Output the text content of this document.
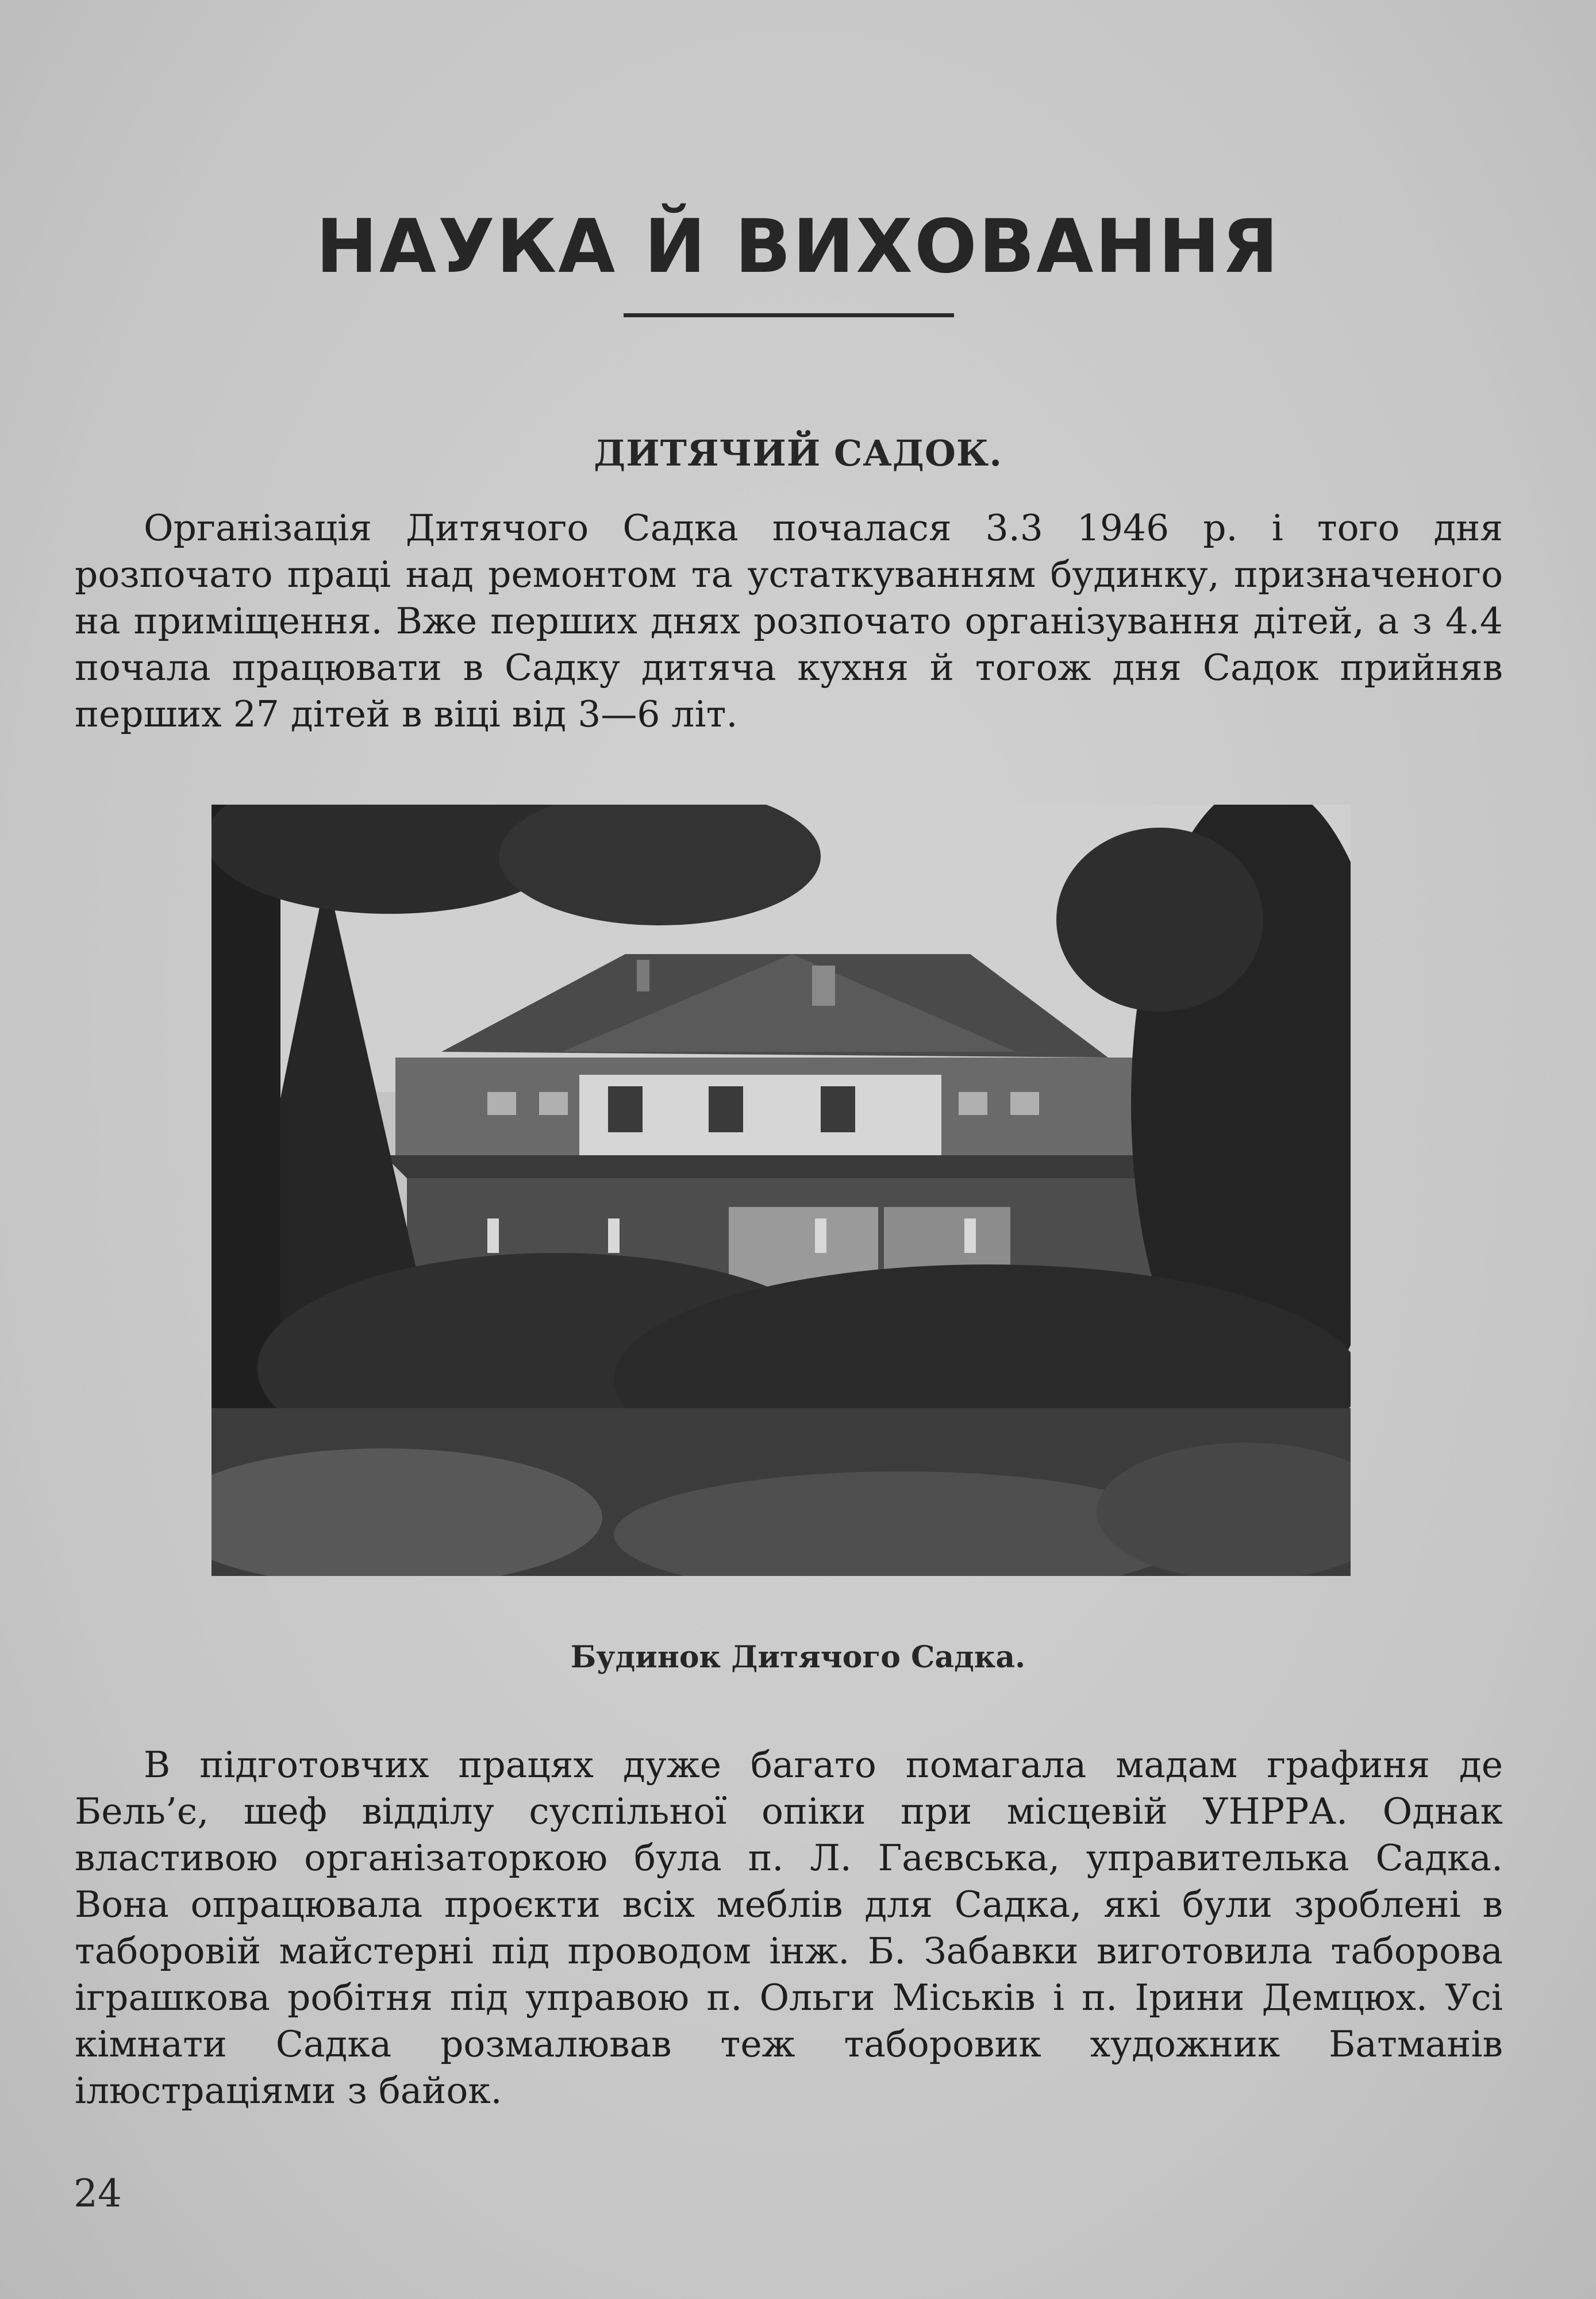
НАУКА Й ВИХОВАННЯ
ДИТЯЧИЙ САДОК.
Організація Дитячого Садка почалася 3.3 1946 р. і того дня розпочато праці над ремонтом та устаткуванням будинку, призначеного на приміщення. Вже перших днях розпочато організування дітей, а з 4.4 почала працювати в Садку дитяча кухня й тогож дня Садок прийняв перших 27 дітей в віці від 3—6 літ.
Будинок Дитячого Садка.
В підготовчих працях дуже багато помагала мадам графиня де Бель’є, шеф відділу суспільної опіки при місцевій УНРРА. Однак властивою організаторкою була п. Л. Гаєвська, управителька Садка. Вона опрацювала проєкти всіх меблів для Садка, які були зроблені в таборовій майстерні під проводом інж. Б. Забавки виготовила таборова іграшкова робітня під управою п. Ольги Міськів і п. Ірини Демцюх. Усі кімнати Садка розмалював теж таборовик художник Батманів ілюстраціями з байок.
24
